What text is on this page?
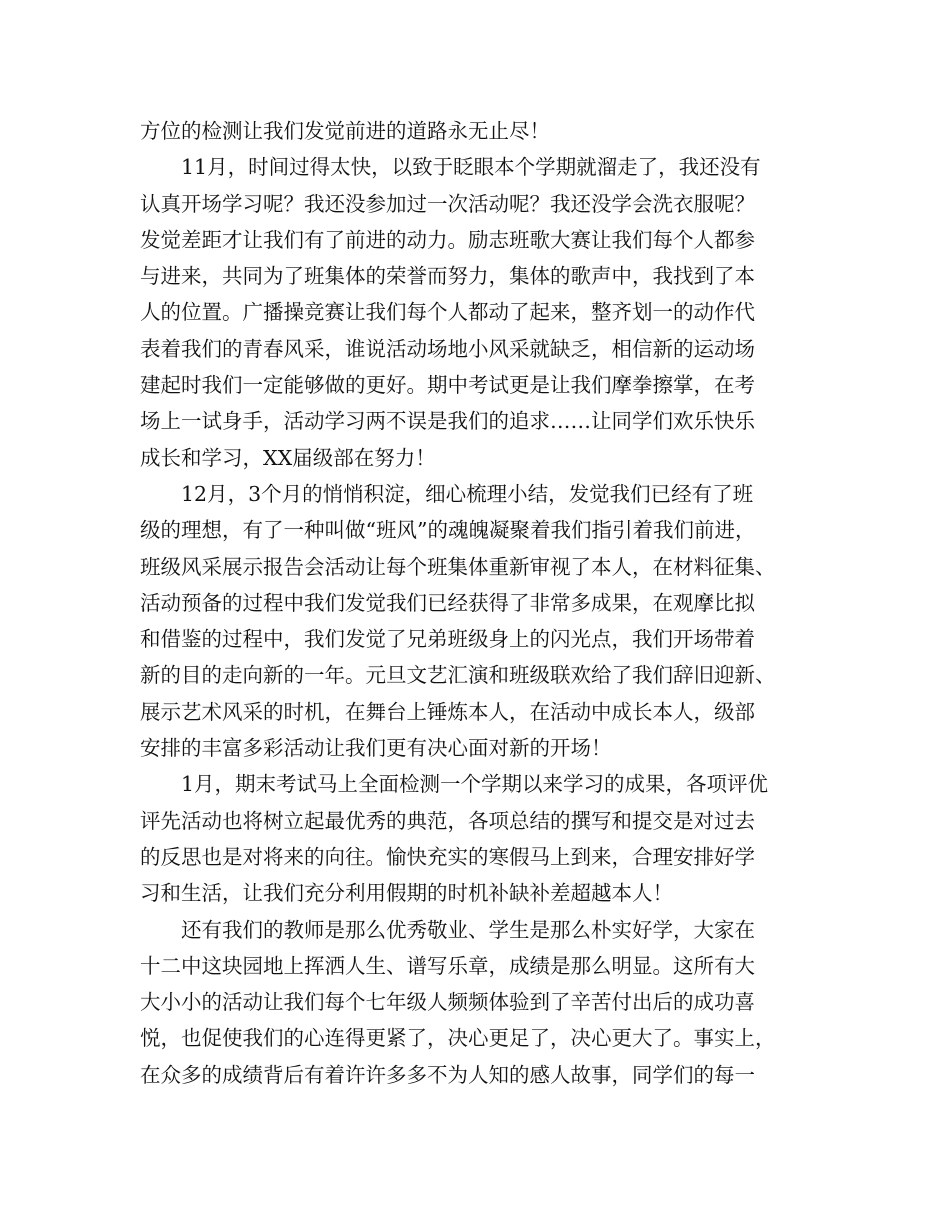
方位的检测让我们发觉前进的道路永无止尽！

11月，时间过得太快，以致于眨眼本个学期就溜走了，我还没有
认真开场学习呢？我还没参加过一次活动呢？我还没学会洗衣服呢？
发觉差距才让我们有了前进的动力。励志班歌大赛让我们每个人都参
与进来，共同为了班集体的荣誉而努力，集体的歌声中，我找到了本
人的位置。广播操竞赛让我们每个人都动了起来，整齐划一的动作代
表着我们的青春风采，谁说活动场地小风采就缺乏，相信新的运动场
建起时我们一定能够做的更好。期中考试更是让我们摩拳擦掌，在考
场上一试身手，活动学习两不误是我们的追求……让同学们欢乐快乐
成长和学习，XX届级部在努力！

12月，3个月的悄悄积淀，细心梳理小结，发觉我们已经有了班
级的理想，有了一种叫做“班风”的魂魄凝聚着我们指引着我们前进，
班级风采展示报告会活动让每个班集体重新审视了本人，在材料征集、
活动预备的过程中我们发觉我们已经获得了非常多成果，在观摩比拟
和借鉴的过程中，我们发觉了兄弟班级身上的闪光点，我们开场带着
新的目的走向新的一年。元旦文艺汇演和班级联欢给了我们辞旧迎新、
展示艺术风采的时机，在舞台上锤炼本人，在活动中成长本人，级部
安排的丰富多彩活动让我们更有决心面对新的开场！

1月，期末考试马上全面检测一个学期以来学习的成果，各项评优
评先活动也将树立起最优秀的典范，各项总结的撰写和提交是对过去
的反思也是对将来的向往。愉快充实的寒假马上到来，合理安排好学
习和生活，让我们充分利用假期的时机补缺补差超越本人！

还有我们的教师是那么优秀敬业、学生是那么朴实好学，大家在
十二中这块园地上挥洒人生、谱写乐章，成绩是那么明显。这所有大
大小小的活动让我们每个七年级人频频体验到了辛苦付出后的成功喜
悦，也促使我们的心连得更紧了，决心更足了，决心更大了。事实上，
在众多的成绩背后有着许许多多不为人知的感人故事，同学们的每一
